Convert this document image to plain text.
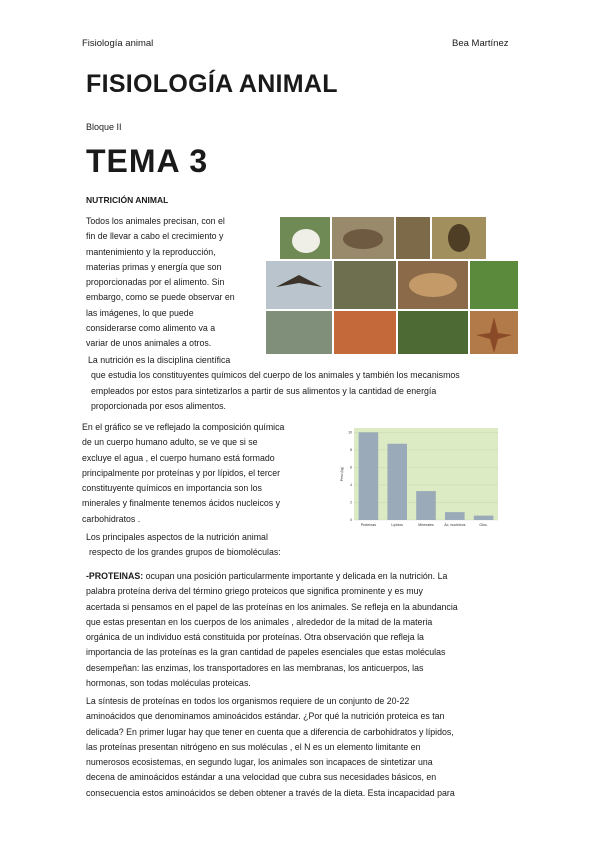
Fisiología animal	Bea Martínez
FISIOLOGÍA ANIMAL
Bloque II
TEMA 3
NUTRICIÓN ANIMAL

Todos los animales precisan, con el

fin de llevar a cabo el crecimiento y

mantenimiento y la reproducción,

materias primas y energía que son

proporcionadas por el alimento. Sin

embargo, como se puede observar en

las imágenes, lo que puede

considerarse como alimento va a

variar de unos animales a otros.

La nutrición es la disciplina científica

que estudia los constituyentes químicos del cuerpo de los animales y también los mecanismos

empleados por estos para sintetizarlos a partir de sus alimentos y la cantidad de energía

proporcionada por esos alimentos.

En el gráfico se ve reflejado la composición química

de un cuerpo humano adulto, se ve que si se

excluye el agua , el cuerpo humano está formado

principalmente por proteínas y por lípidos, el tercer

constituyente químicos en importancia son los

minerales y finalmente tenemos ácidos nucleicos y

carbohidratos .

10
8
6
4
2
0
Proteínas	Lípidos	Minerales	Ác. nucleicos	Glúc.
Peso (kg)

Los principales aspectos de la nutrición animal

respecto de los grandes grupos de biomoléculas:

-PROTEINAS: ocupan una posición particularmente importante y delicada en la nutrición. La

palabra proteína deriva del término griego proteicos que significa prominente y es muy

acertada si pensamos en el papel de las proteínas en los animales. Se refleja en la abundancia

que estas presentan en los cuerpos de los animales , alrededor de la mitad de la materia

orgánica de un individuo está constituida por proteínas. Otra observación que refleja la

importancia de las proteínas es la gran cantidad de papeles esenciales que estas moléculas

desempeñan: las enzimas, los transportadores en las membranas, los anticuerpos, las

hormonas, son todas moléculas proteicas.

La síntesis de proteínas en todos los organismos requiere de un conjunto de 20-22

aminoácidos que denominamos aminoácidos estándar. ¿Por qué la nutrición proteica es tan

delicada? En primer lugar hay que tener en cuenta que a diferencia de carbohidratos y lípidos,

las proteínas presentan nitrógeno en sus moléculas , el N es un elemento limitante en

numerosos ecosistemas, en segundo lugar, los animales son incapaces de sintetizar una

decena de aminoácidos estándar a una velocidad que cubra sus necesidades básicos, en

consecuencia estos aminoácidos se deben obtener a través de la dieta. Esta incapacidad para
